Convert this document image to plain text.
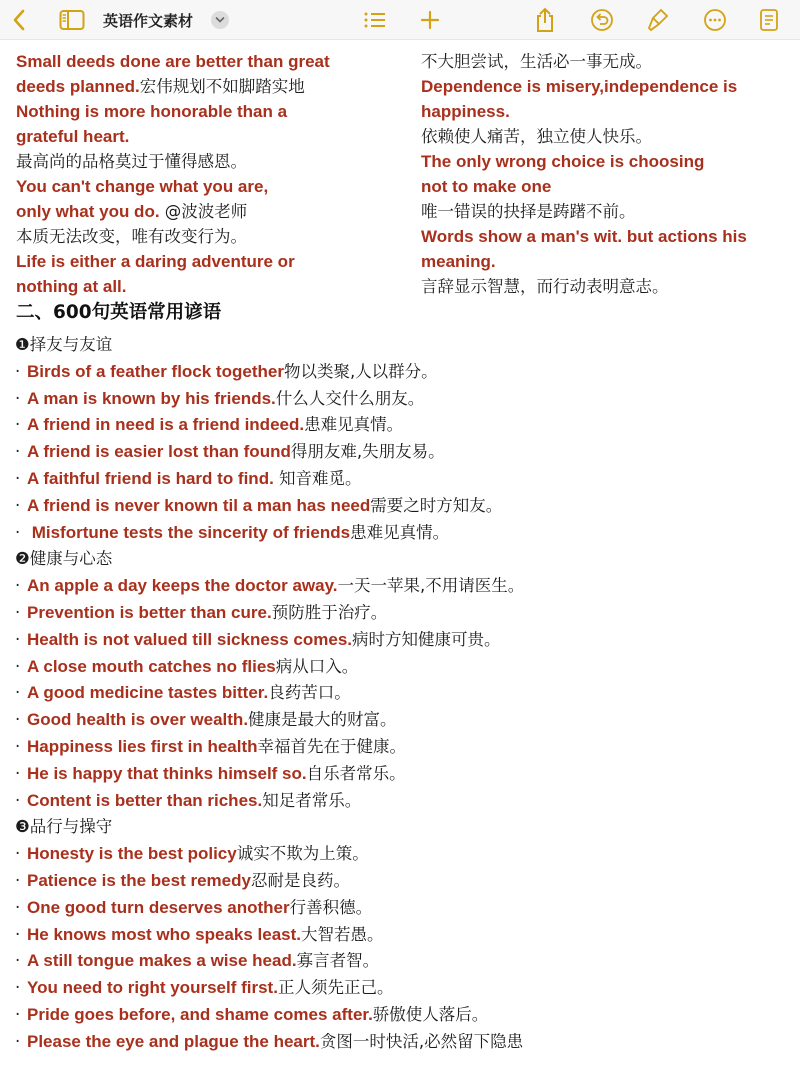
英语作文素材
Small deeds done are better than great
deeds planned.宏伟规划不如脚踏实地
Nothing is more honorable than a
grateful heart.
最高尚的品格莫过于懂得感恩。
You can't change what you are,
only what you do. @波波老师
本质无法改变，唯有改变行为。
Life is either a daring adventure or
nothing at all.
不大胆尝试，生活必一事无成。
Dependence is misery,independence is
happiness.
依赖使人痛苦，独立使人快乐。
The only wrong choice is choosing
not to make one
唯一错误的抉择是踌躇不前。
Words show a man's wit. but actions his
meaning.
言辞显示智慧，而行动表明意志。
二、600句英语常用谚语
❶择友与友谊
· Birds of a feather flock together物以类聚,人以群分。
· A man is known by his friends.什么人交什么朋友。
· A friend in need is a friend indeed.患难见真情。
· A friend is easier lost than found得朋友难,失朋友易。
· A faithful friend is hard to find. 知音难觅。
· A friend is never known til a man has need需要之时方知友。
· Misfortune tests the sincerity of friends患难见真情。
❷健康与心态
· An apple a day keeps the doctor away.一天一苹果,不用请医生。
· Prevention is better than cure.预防胜于治疗。
· Health is not valued till sickness comes.病时方知健康可贵。
· A close mouth catches no flies病从口入。
· A good medicine tastes bitter.良药苦口。
· Good health is over wealth.健康是最大的财富。
· Happiness lies first in health幸福首先在于健康。
· He is happy that thinks himself so.自乐者常乐。
· Content is better than riches.知足者常乐。
❸品行与操守
· Honesty is the best policy诚实不欺为上策。
· Patience is the best remedy忍耐是良药。
· One good turn deserves another行善积德。
· He knows most who speaks least.大智若愚。
· A still tongue makes a wise head.寡言者智。
· You need to right yourself first.正人须先正己。
· Pride goes before, and shame comes after.骄傲使人落后。
· Please the eye and plague the heart.贪图一时快活,必然留下隐患
